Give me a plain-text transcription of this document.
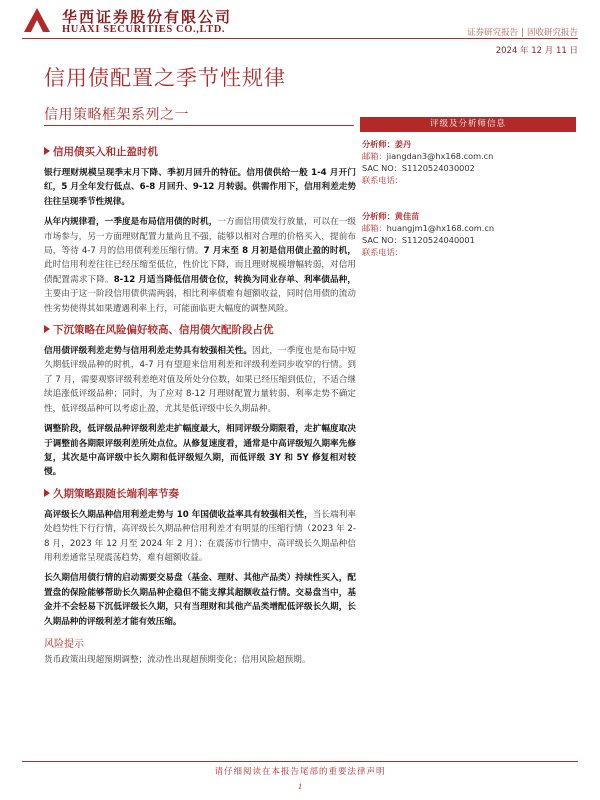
华西证券股份有限公司
HUAXI SECURITIES CO.,LTD.	证券研究报告 | 固收研究报告
2024 年 12 月 11 日
信用债配置之季节性规律
信用策略框架系列之一
信用债买入和止盈时机

银行理财规模呈现季末月下降、季初月回升的特征。信用债供给一般 1-4 月开门红，5 月全年发行低点、6-8 月回升、9-12 月转弱。供需作用下，信用利差走势往往呈现季节性规律。

从年内规律看，一季度是布局信用债的时机，一方面信用债发行放量，可以在一级市场参与，另一方面理财配置力量尚且不强，能够以相对合理的价格买入，提前布局，等待 4-7 月的信用债利差压缩行情。7 月末至 8 月初是信用债止盈的时机，此时信用利差往往已经压缩至低位，性价比下降，而且理财规模增幅转弱，对信用债配置需求下降。8-12 月适当降低信用债仓位，转换为同业存单、利率债品种，主要由于这一阶段信用债供需两弱，相比利率债难有超额收益，同时信用债的流动性劣势使得其如果遭遇利率上行，可能面临更大幅度的调整风险。

下沉策略在风险偏好较高、信用债欠配阶段占优

信用债评级利差走势与信用利差走势具有较强相关性。因此，一季度也是布局中短久期低评级品种的时机，4-7 月有望迎来信用利差和评级利差同步收窄的行情。到了 7 月，需要观察评级利差绝对值及所处分位数，如果已经压缩到低位，不适合继续追涨低评级品种；同时，为了应对 8-12 月理财配置力量转弱、利率走势不确定性，低评级品种可以考虑止盈，尤其是低评级中长久期品种。

调整阶段，低评级品种评级利差走扩幅度最大，相同评级分期限看，走扩幅度取决于调整前各期限评级利差所处点位。从修复速度看，通常是中高评级短久期率先修复，其次是中高评级中长久期和低评级短久期，而低评级 3Y 和 5Y 修复相对较慢。

久期策略跟随长端利率节奏

高评级长久期品种信用利差走势与 10 年国债收益率具有较强相关性，当长端利率处趋势性下行行情，高评级长久期品种信用利差才有明显的压缩行情（2023 年 2-8 月，2023 年 12 月至 2024 年 2 月）；在震荡市行情中，高评级长久期品种信用利差通常呈现震荡趋势，难有超额收益。

长久期信用债行情的启动需要交易盘（基金、理财、其他产品类）持续性买入，配置盘的保险能够帮助长久期品种企稳但不能支撑其超额收益行情。交易盘当中，基金并不会轻易下沉低评级长久期，只有当理财和其他产品类增配低评级长久期，长久期品种的评级利差才能有效压缩。

风险提示

货币政策出现超预期调整；流动性出现超预期变化；信用风险超预期。

评级及分析师信息
分析师：姜丹
邮箱：jiangdan3@hx168.com.cn
SAC NO：S1120524030002
联系电话：
分析师：黄佳苗
邮箱：huangjm1@hx168.com.cn
SAC NO：S1120524040001
联系电话：
请仔细阅读在本报告尾部的重要法律声明
1
